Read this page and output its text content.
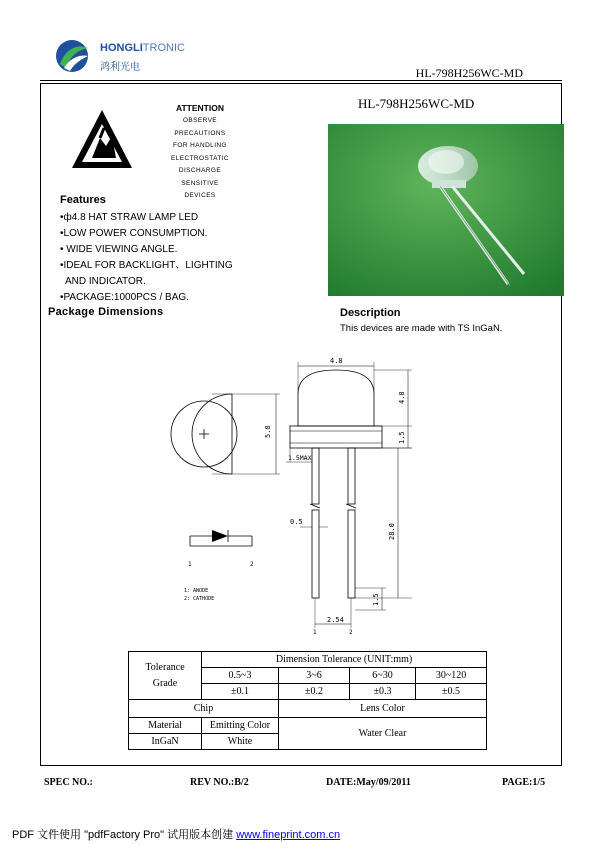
HONGLITRONIC
鸿利光电	HL-798H256WC-MD
ATTENTION
OBSERVE PRECAUTIONS
FOR HANDLING
ELECTROSTATIC
DISCHARGE
SENSITIVE
DEVICES
Features
•ф4.8 HAT STRAW LAMP LED
•LOW POWER CONSUMPTION.
• WIDE VIEWING ANGLE.
•IDEAL FOR BACKLIGHT、LIGHTING
AND INDICATOR.
•PACKAGE:1000PCS / BAG.
Package Dimensions
HL-798H256WC-MD
Description
This devices are made with TS InGaN.
5.8
4.8
4.8
1.5
1.5MAX
0.5
28.0
1.5
2.54
1	2
1	2
1: ANODE
2: CATHODE
Tolerance
Grade	Dimension Tolerance (UNIT:mm)			
	0.5~3	3~6	6~30	30~120
	±0.1	±0.2	±0.3	±0.5
Chip		Lens Color		
Material	Emitting Color	Water Clear		
InGaN	White			
SPEC NO.:	REV NO.:B/2	DATE:May/09/2011	PAGE:1/5
PDF 文件使用 "pdfFactory Pro" 试用版本创建 www.fineprint.com.cn
